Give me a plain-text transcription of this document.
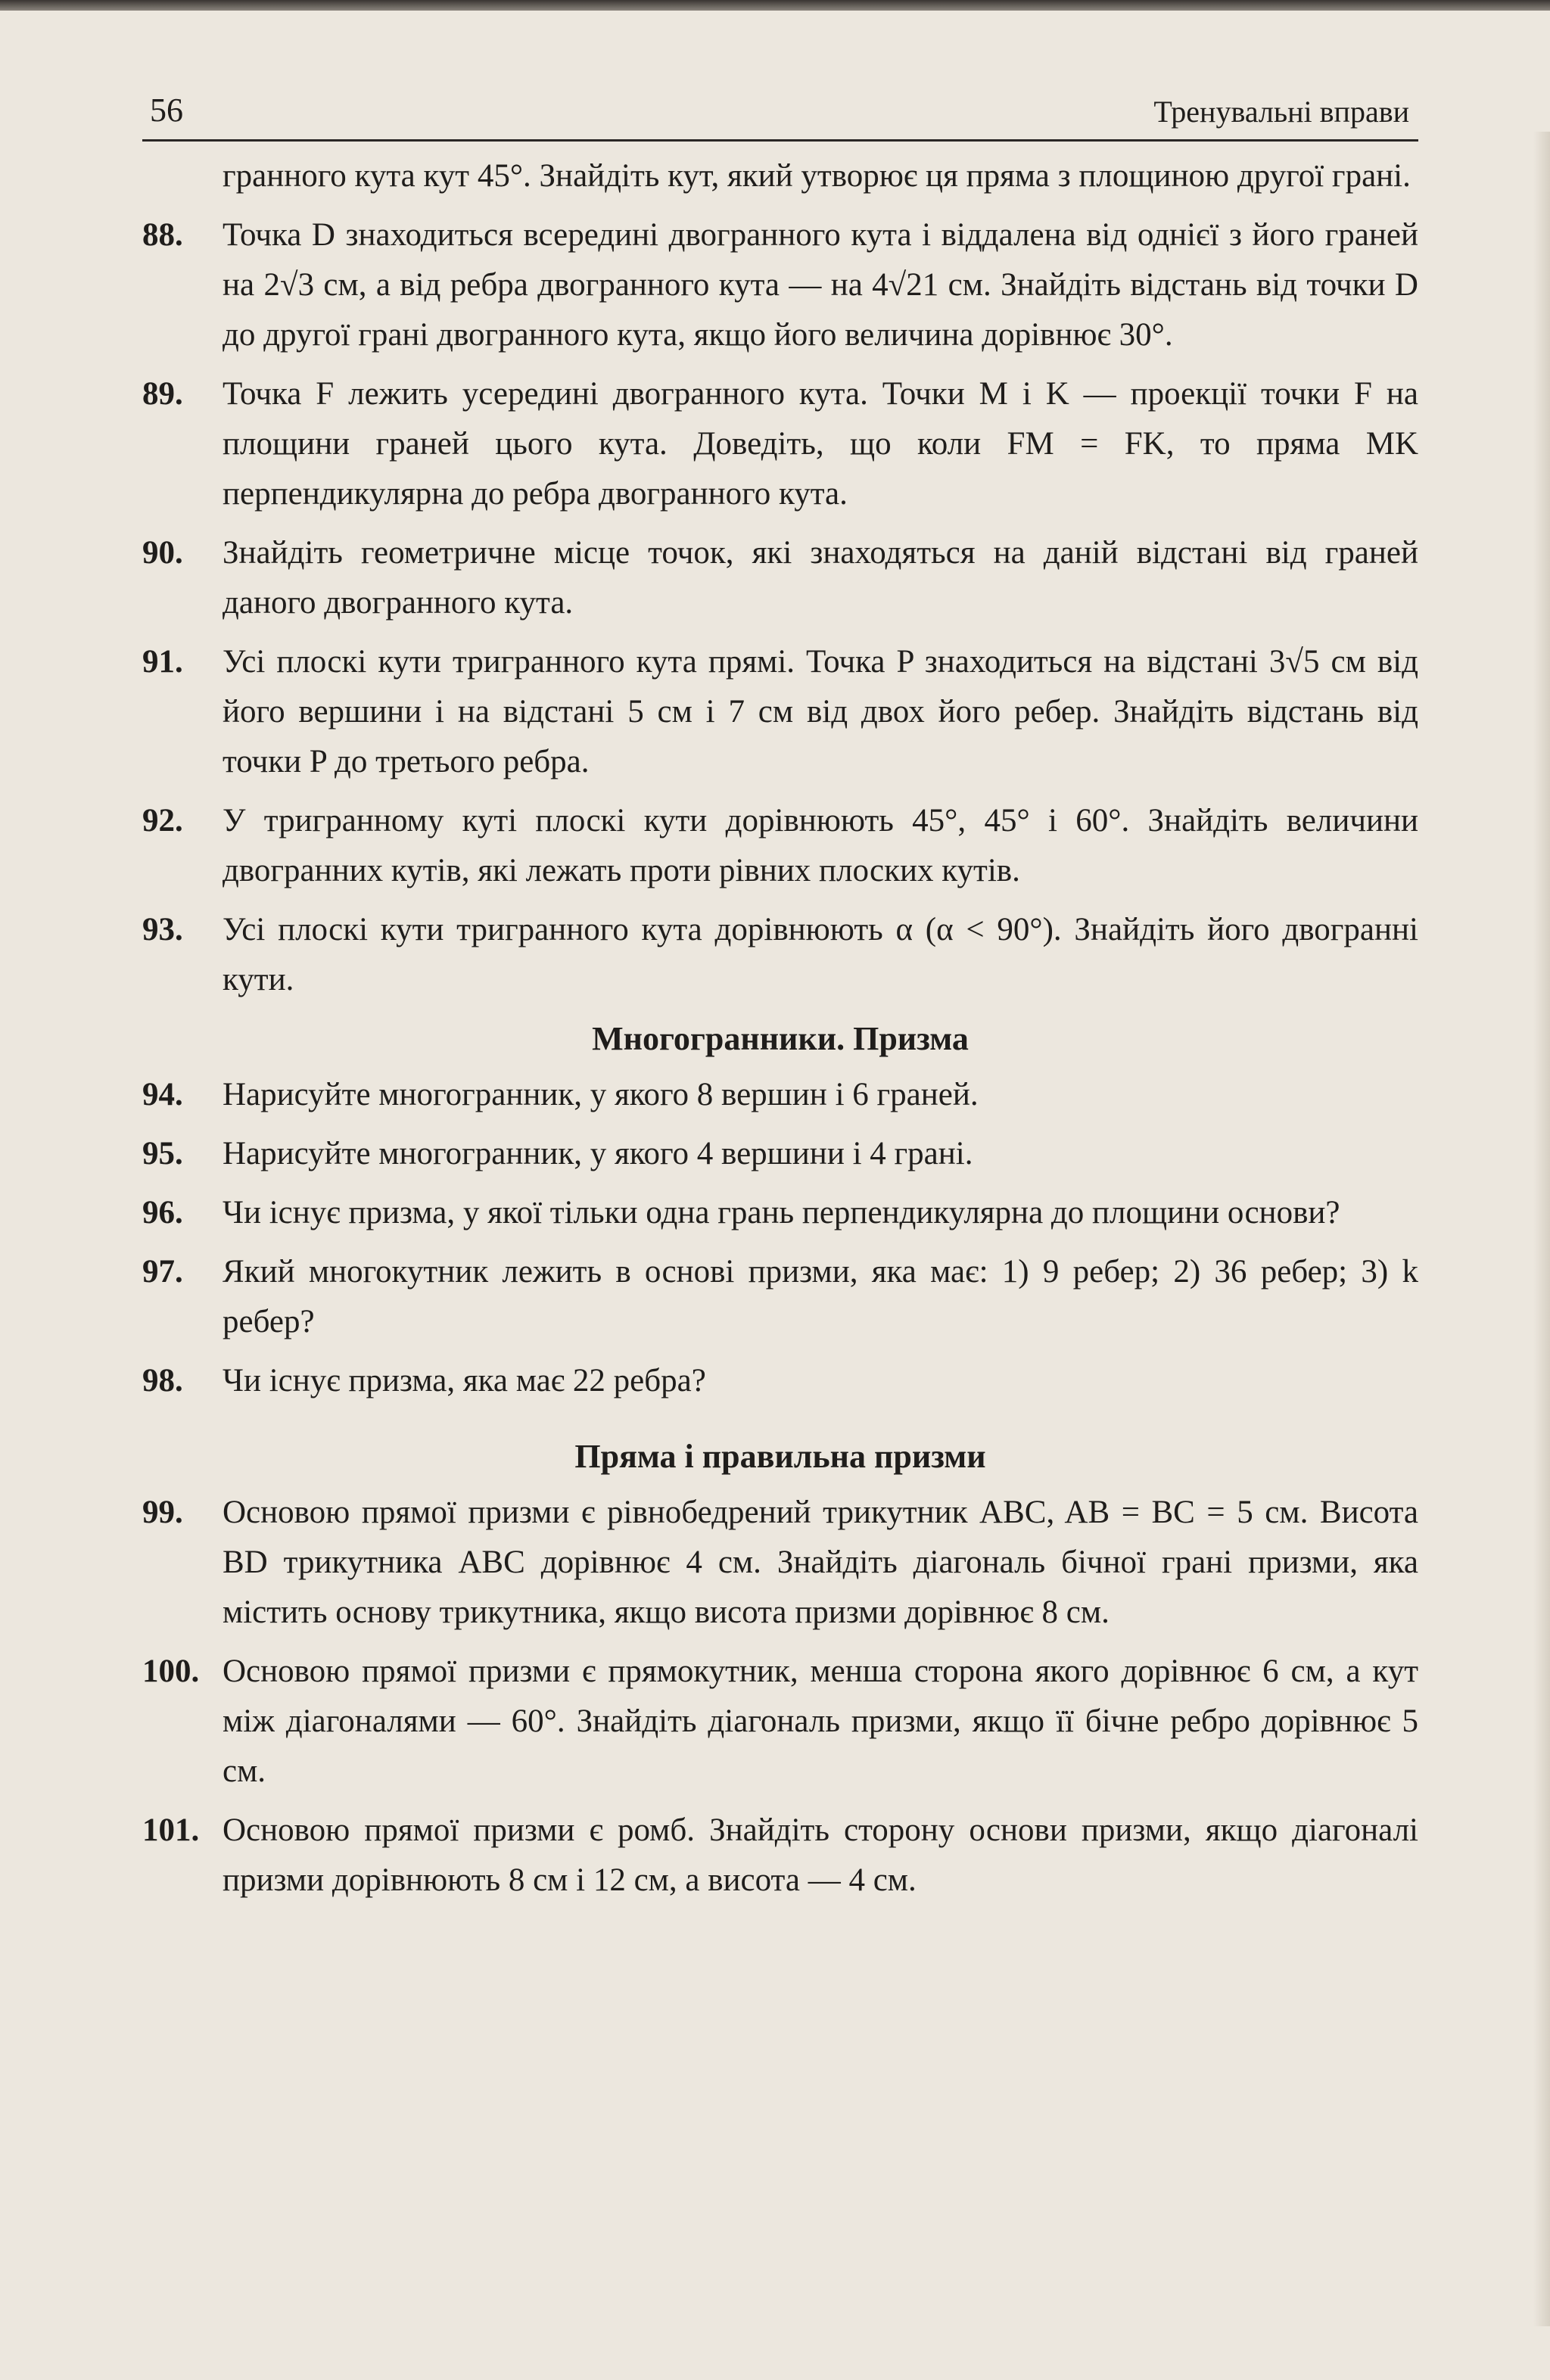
56	Тренувальні вправи

гранного кута кут 45°. Знайдіть кут, який утворює ця пряма з площиною другої грані.

88. Точка D знаходиться всередині двогранного кута і віддалена від однієї з його граней на 2√3 см, а від ребра двогранного кута — на 4√21 см. Знайдіть відстань від точки D до другої грані двогранного кута, якщо його величина дорівнює 30°.

89. Точка F лежить усередині двогранного кута. Точки M і K — проекції точки F на площини граней цього кута. Доведіть, що коли FM = FK, то пряма MK перпендикулярна до ребра двогранного кута.

90. Знайдіть геометричне місце точок, які знаходяться на даній відстані від граней даного двогранного кута.

91. Усі плоскі кути тригранного кута прямі. Точка P знаходиться на відстані 3√5 см від його вершини і на відстані 5 см і 7 см від двох його ребер. Знайдіть відстань від точки P до третього ребра.

92. У тригранному куті плоскі кути дорівнюють 45°, 45° і 60°. Знайдіть величини двогранних кутів, які лежать проти рівних плоских кутів.

93. Усі плоскі кути тригранного кута дорівнюють α (α < 90°). Знайдіть його двогранні кути.

Многогранники. Призма

94. Нарисуйте многогранник, у якого 8 вершин і 6 граней.

95. Нарисуйте многогранник, у якого 4 вершини і 4 грані.

96. Чи існує призма, у якої тільки одна грань перпендикулярна до площини основи?

97. Який многокутник лежить в основі призми, яка має: 1) 9 ребер; 2) 36 ребер; 3) k ребер?

98. Чи існує призма, яка має 22 ребра?

Пряма і правильна призми

99. Основою прямої призми є рівнобедрений трикутник ABC, AB = BC = 5 см. Висота BD трикутника ABC дорівнює 4 см. Знайдіть діагональ бічної грані призми, яка містить основу трикутника, якщо висота призми дорівнює 8 см.

100. Основою прямої призми є прямокутник, менша сторона якого дорівнює 6 см, а кут між діагоналями — 60°. Знайдіть діагональ призми, якщо її бічне ребро дорівнює 5 см.

101. Основою прямої призми є ромб. Знайдіть сторону основи призми, якщо діагоналі призми дорівнюють 8 см і 12 см, а висота — 4 см.
